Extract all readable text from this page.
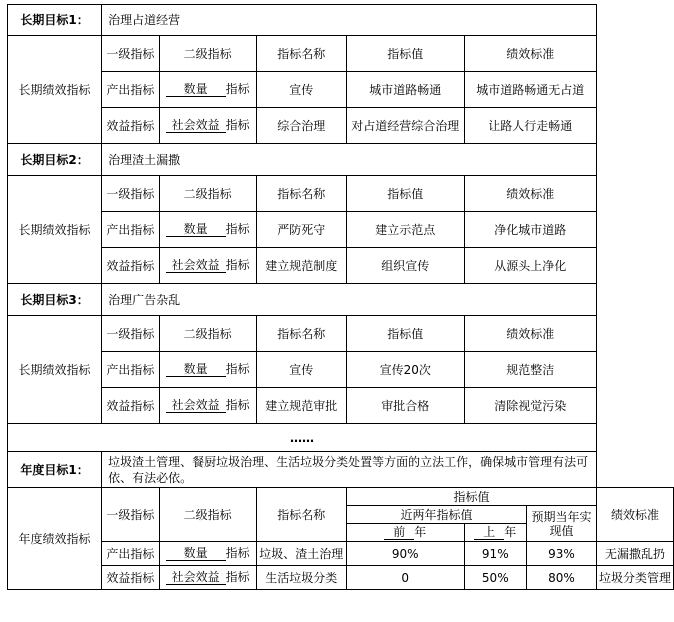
长期目标1：	治理占道经营						
长期绩效指标	一级指标	二级指标	指标名称	指标值	绩效标准		
	产出指标	数量 指标	宣传	城市道路畅通	城市道路畅通无占道		
	效益指标	社会效益 指标	综合治理	对占道经营综合治理	让路人行走畅通		
长期目标2：	治理渣土漏撒						
长期绩效指标	一级指标	二级指标	指标名称	指标值	绩效标准		
	产出指标	数量 指标	严防死守	建立示范点	净化城市道路		
	效益指标	社会效益 指标	建立规范制度	组织宣传	从源头上净化		
长期目标3：	治理广告杂乱						
长期绩效指标	一级指标	二级指标	指标名称	指标值	绩效标准		
	产出指标	数量 指标	宣传	宣传20次	规范整洁		
	效益指标	社会效益 指标	建立规范审批	审批合格	清除视觉污染		
……							
年度目标1：	垃圾渣土管理、餐厨垃圾治理、生活垃圾分类处置等方面的立法工作，确保城市管理有法可依、有法必依。						
年度绩效指标	一级指标	二级指标	指标名称	指标值			绩效标准
				近两年指标值		预期当年实现值	
				前 年	上 年		
	产出指标	数量 指标	垃圾、渣土治理	90%	91%	93%	无漏撒乱扔
	效益指标	社会效益 指标	生活垃圾分类	0	50%	80%	垃圾分类管理
